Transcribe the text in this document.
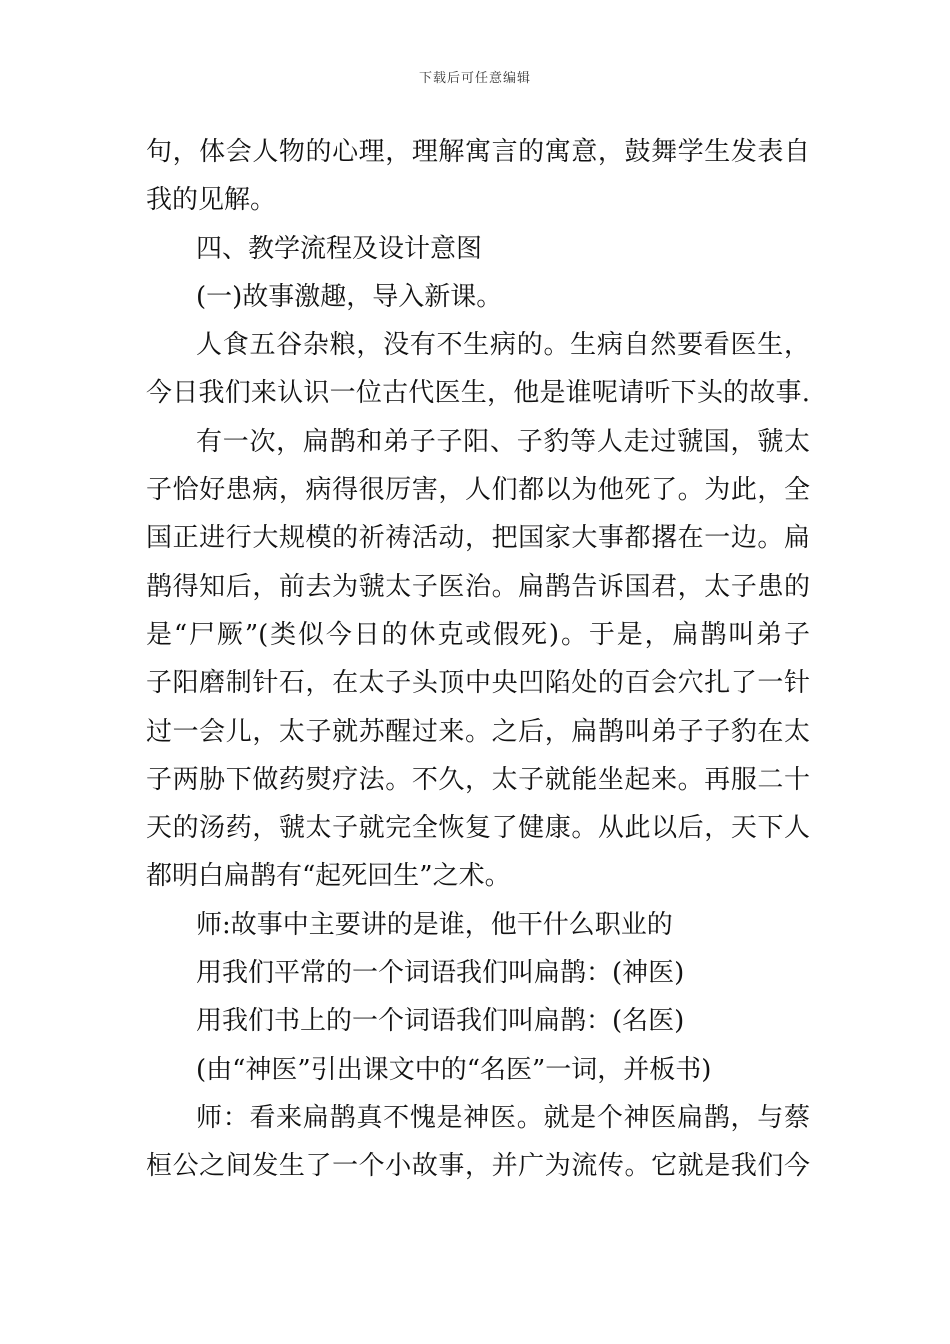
下载后可任意编辑
句，体会人物的心理，理解寓言的寓意，鼓舞学生发表自
我的见解。
四、教学流程及设计意图
(一)故事激趣，导入新课。
人食五谷杂粮，没有不生病的。生病自然要看医生，
今日我们来认识一位古代医生，他是谁呢请听下头的故事.
有一次，扁鹊和弟子子阳、子豹等人走过虢国，虢太
子恰好患病，病得很厉害，人们都以为他死了。为此，全
国正进行大规模的祈祷活动，把国家大事都撂在一边。扁
鹊得知后，前去为虢太子医治。扁鹊告诉国君，太子患的
是“尸厥”(类似今日的休克或假死)。于是，扁鹊叫弟子
子阳磨制针石，在太子头顶中央凹陷处的百会穴扎了一针
过一会儿，太子就苏醒过来。之后，扁鹊叫弟子子豹在太
子两胁下做药熨疗法。不久，太子就能坐起来。再服二十
天的汤药，虢太子就完全恢复了健康。从此以后，天下人
都明白扁鹊有“起死回生”之术。
师:故事中主要讲的是谁，他干什么职业的
用我们平常的一个词语我们叫扁鹊：(神医)
用我们书上的一个词语我们叫扁鹊：(名医)
(由“神医”引出课文中的“名医”一词，并板书)
师：看来扁鹊真不愧是神医。就是个神医扁鹊，与蔡
桓公之间发生了一个小故事，并广为流传。它就是我们今
